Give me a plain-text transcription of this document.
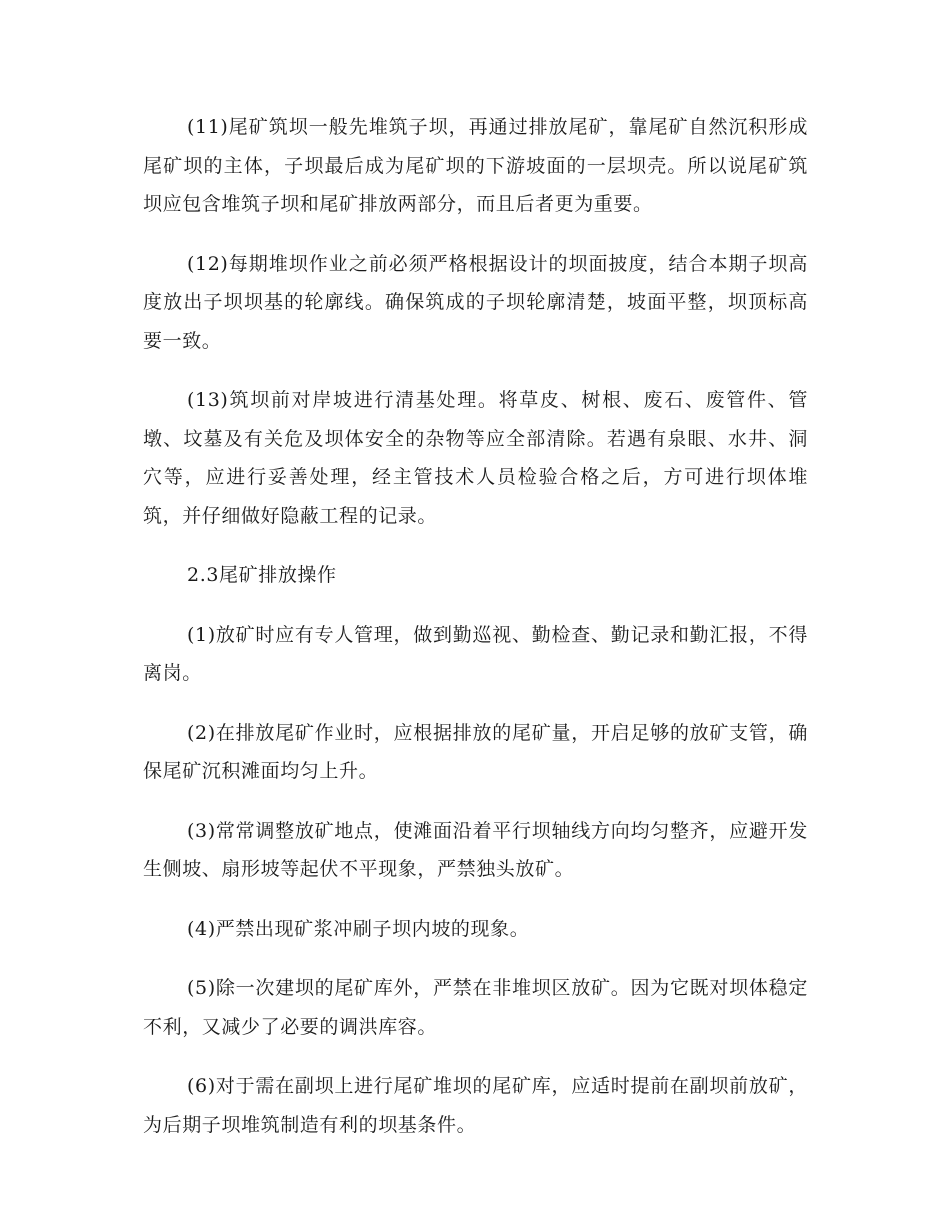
(11)尾矿筑坝一般先堆筑子坝，再通过排放尾矿，靠尾矿自然沉积形成尾矿坝的主体，子坝最后成为尾矿坝的下游坡面的一层坝壳。所以说尾矿筑坝应包含堆筑子坝和尾矿排放两部分，而且后者更为重要。

(12)每期堆坝作业之前必须严格根据设计的坝面披度，结合本期子坝高度放出子坝坝基的轮廓线。确保筑成的子坝轮廓清楚，坡面平整，坝顶标高要一致。

(13)筑坝前对岸坡进行清基处理。将草皮、树根、废石、废管件、管墩、坟墓及有关危及坝体安全的杂物等应全部清除。若遇有泉眼、水井、洞穴等，应进行妥善处理，经主管技术人员检验合格之后，方可进行坝体堆筑，并仔细做好隐蔽工程的记录。

2.3尾矿排放操作

(1)放矿时应有专人管理，做到勤巡视、勤检查、勤记录和勤汇报，不得离岗。

(2)在排放尾矿作业时，应根据排放的尾矿量，开启足够的放矿支管，确保尾矿沉积滩面均匀上升。

(3)常常调整放矿地点，使滩面沿着平行坝轴线方向均匀整齐，应避开发生侧坡、扇形坡等起伏不平现象，严禁独头放矿。

(4)严禁出现矿浆冲刷子坝内坡的现象。

(5)除一次建坝的尾矿库外，严禁在非堆坝区放矿。因为它既对坝体稳定不利，又减少了必要的调洪库容。

(6)对于需在副坝上进行尾矿堆坝的尾矿库，应适时提前在副坝前放矿，为后期子坝堆筑制造有利的坝基条件。
